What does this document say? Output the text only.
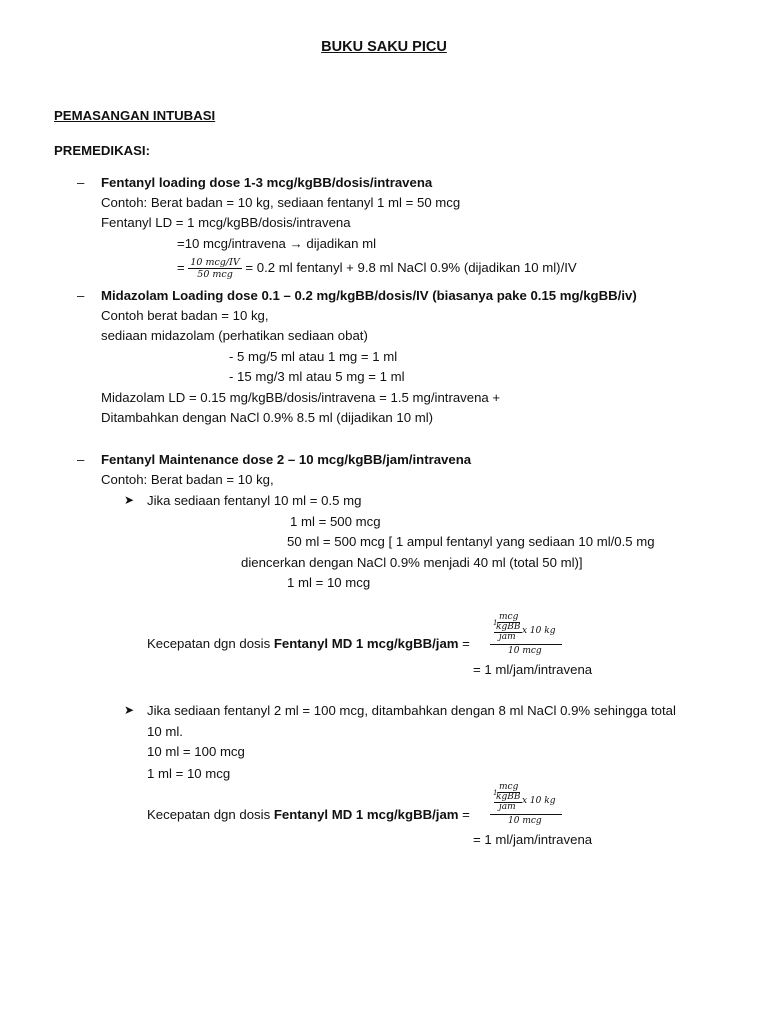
BUKU SAKU PICU
PEMASANGAN INTUBASI
PREMEDIKASI:
– Fentanyl loading dose 1-3 mcg/kgBB/dosis/intravena
Contoh: Berat badan = 10 kg, sediaan fentanyl 1 ml = 50 mcg
Fentanyl LD = 1 mcg/kgBB/dosis/intravena
=10 mcg/intravena → dijadikan ml
= $\frac{\text{10 mcg/IV}}{\text{50 mcg}} = 0.2$ ml fentanyl + 9.8 ml NaCl 0.9% (dijadikan 10 ml)/IV
– Midazolam Loading dose 0.1 – 0.2 mg/kgBB/dosis/IV (biasanya pake 0.15 mg/kgBB/iv)
Contoh berat badan = 10 kg,
sediaan midazolam (perhatikan sediaan obat)
- 5 mg/5 ml atau 1 mg = 1 ml
- 15 mg/3 ml atau 5 mg = 1 ml
Midazolam LD = 0.15 mg/kgBB/dosis/intravena = 1.5 mg/intravena +
Ditambahkan dengan NaCl 0.9% 8.5 ml (dijadikan 10 ml)
– Fentanyl Maintenance dose 2 – 10 mcg/kgBB/jam/intravena
Contoh: Berat badan = 10 kg,
➤ Jika sediaan fentanyl 10 ml = 0.5 mg
1 ml = 500 mcg
50 ml = 500 mcg [ 1 ampul fentanyl yang sediaan 10 ml/0.5 mg
diencerkan dengan NaCl 0.9% menjadi 40 ml (total 50 ml)]
1 ml = 10 mcg
Kecepatan dgn dosis Fentanyl MD 1 mcg/kgBB/jam =
1
mcg
kgBB
jam
x 10 kg
10 mcg
= 1 ml/jam/intravena
➤ Jika sediaan fentanyl 2 ml = 100 mcg, ditambahkan dengan 8 ml NaCl 0.9% sehingga total
10 ml.
10 ml = 100 mcg
1 ml = 10 mcg
Kecepatan dgn dosis Fentanyl MD 1 mcg/kgBB/jam =
1
mcg
kgBB
jam
x 10 kg
10 mcg
= 1 ml/jam/intravena
